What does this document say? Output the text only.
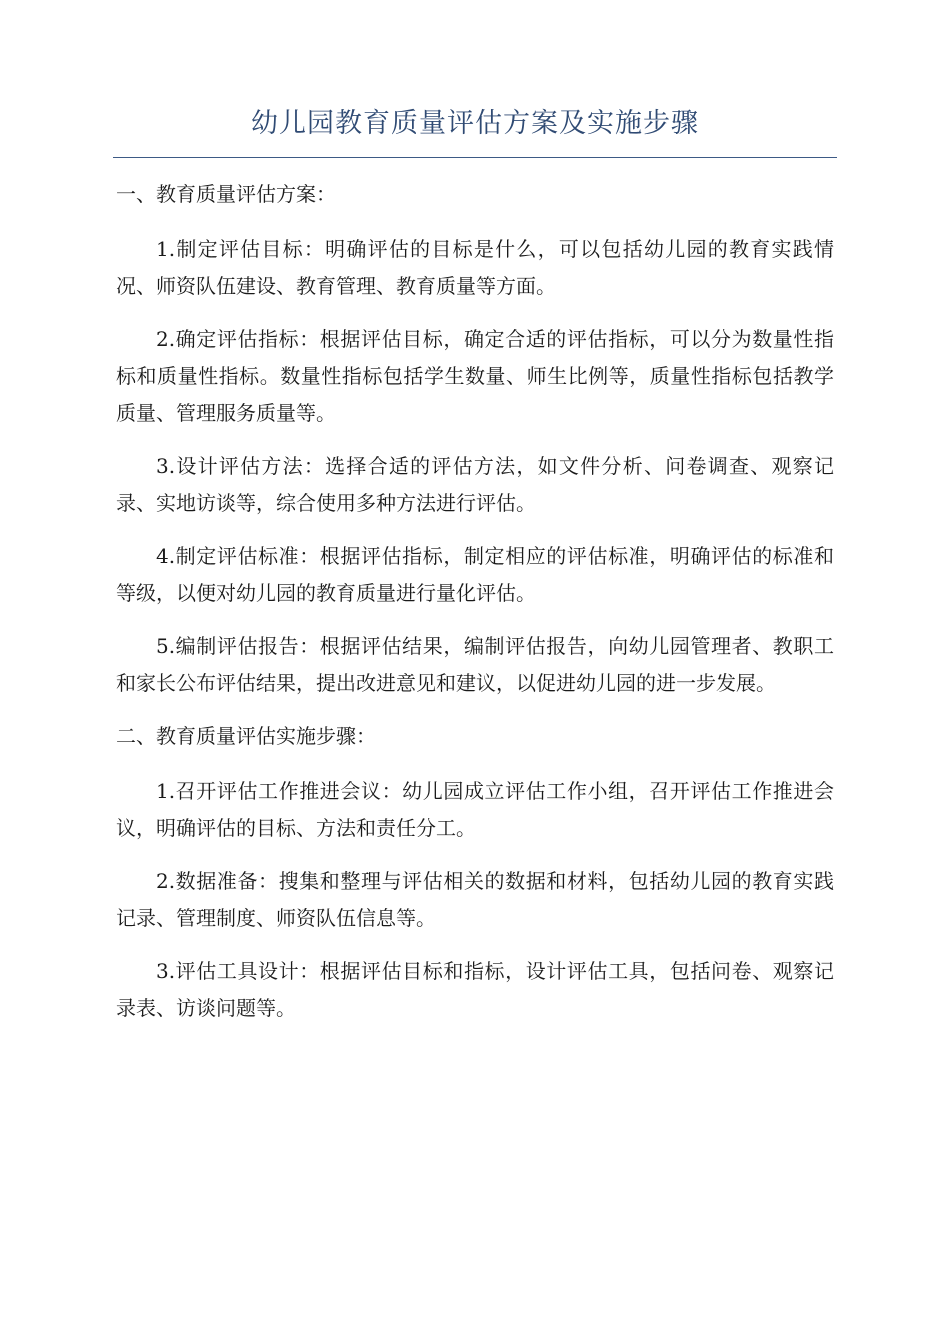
幼儿园教育质量评估方案及实施步骤

一、教育质量评估方案：

1.制定评估目标：明确评估的目标是什么，可以包括幼儿园的教育实践情况、师资队伍建设、教育管理、教育质量等方面。

2.确定评估指标：根据评估目标，确定合适的评估指标，可以分为数量性指标和质量性指标。数量性指标包括学生数量、师生比例等，质量性指标包括教学质量、管理服务质量等。

3.设计评估方法：选择合适的评估方法，如文件分析、问卷调查、观察记录、实地访谈等，综合使用多种方法进行评估。

4.制定评估标准：根据评估指标，制定相应的评估标准，明确评估的标准和等级，以便对幼儿园的教育质量进行量化评估。

5.编制评估报告：根据评估结果，编制评估报告，向幼儿园管理者、教职工和家长公布评估结果，提出改进意见和建议，以促进幼儿园的进一步发展。

二、教育质量评估实施步骤：

1.召开评估工作推进会议：幼儿园成立评估工作小组，召开评估工作推进会议，明确评估的目标、方法和责任分工。

2.数据准备：搜集和整理与评估相关的数据和材料，包括幼儿园的教育实践记录、管理制度、师资队伍信息等。

3.评估工具设计：根据评估目标和指标，设计评估工具，包括问卷、观察记录表、访谈问题等。
